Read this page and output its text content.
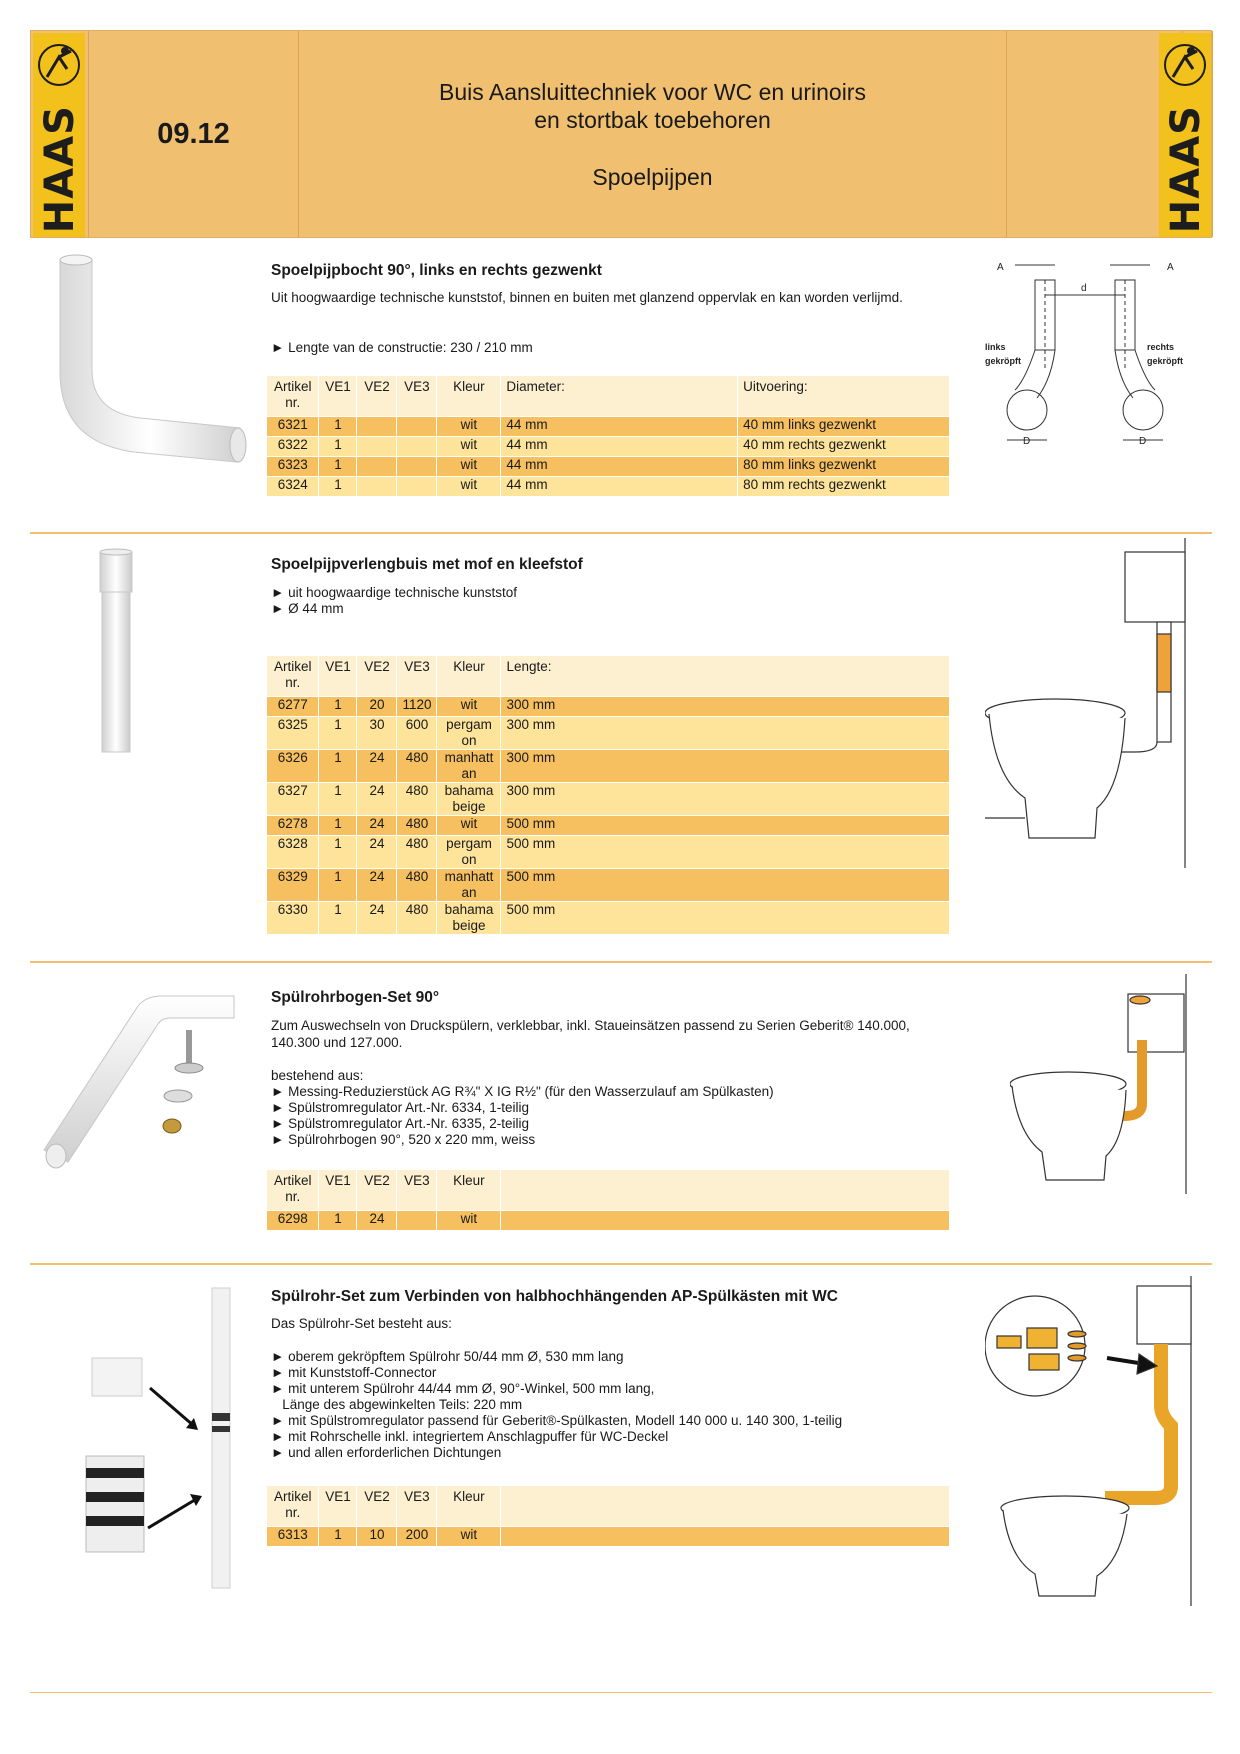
HAAS	09.12
Buis Aansluittechniek voor WC en urinoirs
en stortbak toebehoren
Spoelpijpen	HAAS
Spoelpijpbocht 90°, links en rechts gezwenkt
Uit hoogwaardige technische kunststof, binnen en buiten met glanzend oppervlak en kan worden verlijmd.
► Lengte van de constructie: 230 / 210 mm
Artikel nr.	VE1	VE2	VE3	Kleur	Diameter:	Uitvoering:
6321	1			wit	44 mm	40 mm links gezwenkt
6322	1			wit	44 mm	40 mm rechts gezwenkt
6323	1			wit	44 mm	80 mm links gezwenkt
6324	1			wit	44 mm	80 mm rechts gezwenkt
A	A
d
links
gekröpft
rechts
gekröpft
D	D
Spoelpijpverlengbuis met mof en kleefstof
► uit hoogwaardige technische kunststof
► Ø 44 mm
Artikel nr.	VE1	VE2	VE3	Kleur	Lengte:
6277	1	20	1120	wit	300 mm
6325	1	30	600	pergam on	300 mm
6326	1	24	480	manhatt an	300 mm
6327	1	24	480	bahama beige	300 mm
6278	1	24	480	wit	500 mm
6328	1	24	480	pergam on	500 mm
6329	1	24	480	manhatt an	500 mm
6330	1	24	480	bahama beige	500 mm
Spülrohrbogen-Set 90°
Zum Auswechseln von Druckspülern, verklebbar, inkl. Staueinsätzen passend zu Serien Geberit® 140.000, 140.300 und 127.000.
bestehend aus:
► Messing-Reduzierstück AG R¾" X IG R½" (für den Wasserzulauf am Spülkasten)
► Spülstromregulator Art.-Nr. 6334, 1-teilig
► Spülstromregulator Art.-Nr. 6335, 2-teilig
► Spülrohrbogen 90°, 520 x 220 mm, weiss
Artikel nr.	VE1	VE2	VE3	Kleur	
6298	1	24		wit	
Spülrohr-Set zum Verbinden von halbhochhängenden AP-Spülkästen mit WC
Das Spülrohr-Set besteht aus:
► oberem gekröpftem Spülrohr 50/44 mm Ø, 530 mm lang
► mit Kunststoff-Connector
► mit unterem Spülrohr 44/44 mm Ø, 90°-Winkel, 500 mm lang,
Länge des abgewinkelten Teils: 220 mm
► mit Spülstromregulator passend für Geberit®-Spülkasten, Modell 140 000 u. 140 300, 1-teilig
► mit Rohrschelle inkl. integriertem Anschlagpuffer für WC-Deckel
► und allen erforderlichen Dichtungen
Artikel nr.	VE1	VE2	VE3	Kleur	
6313	1	10	200	wit	
